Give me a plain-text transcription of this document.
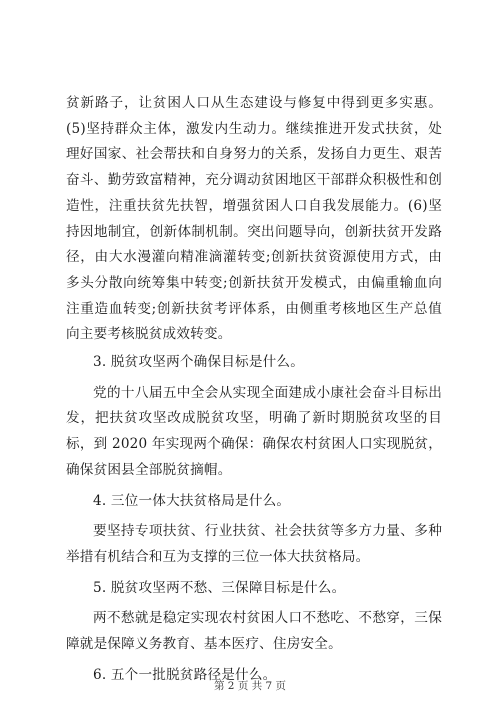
贫新路子，让贫困人口从生态建设与修复中得到更多实惠。(5)坚持群众主体，激发内生动力。继续推进开发式扶贫，处理好国家、社会帮扶和自身努力的关系，发扬自力更生、艰苦奋斗、勤劳致富精神，充分调动贫困地区干部群众积极性和创造性，注重扶贫先扶智，增强贫困人口自我发展能力。(6)坚持因地制宜，创新体制机制。突出问题导向，创新扶贫开发路径，由大水漫灌向精准滴灌转变;创新扶贫资源使用方式，由多头分散向统筹集中转变;创新扶贫开发模式，由偏重输血向注重造血转变;创新扶贫考评体系，由侧重考核地区生产总值向主要考核脱贫成效转变。

3. 脱贫攻坚两个确保目标是什么。

党的十八届五中全会从实现全面建成小康社会奋斗目标出发，把扶贫攻坚改成脱贫攻坚，明确了新时期脱贫攻坚的目标，到 2020 年实现两个确保：确保农村贫困人口实现脱贫，确保贫困县全部脱贫摘帽。

4. 三位一体大扶贫格局是什么。

要坚持专项扶贫、行业扶贫、社会扶贫等多方力量、多种举措有机结合和互为支撑的三位一体大扶贫格局。

5. 脱贫攻坚两不愁、三保障目标是什么。

两不愁就是稳定实现农村贫困人口不愁吃、不愁穿，三保障就是保障义务教育、基本医疗、住房安全。

6. 五个一批脱贫路径是什么。

第 2 页 共 7 页
